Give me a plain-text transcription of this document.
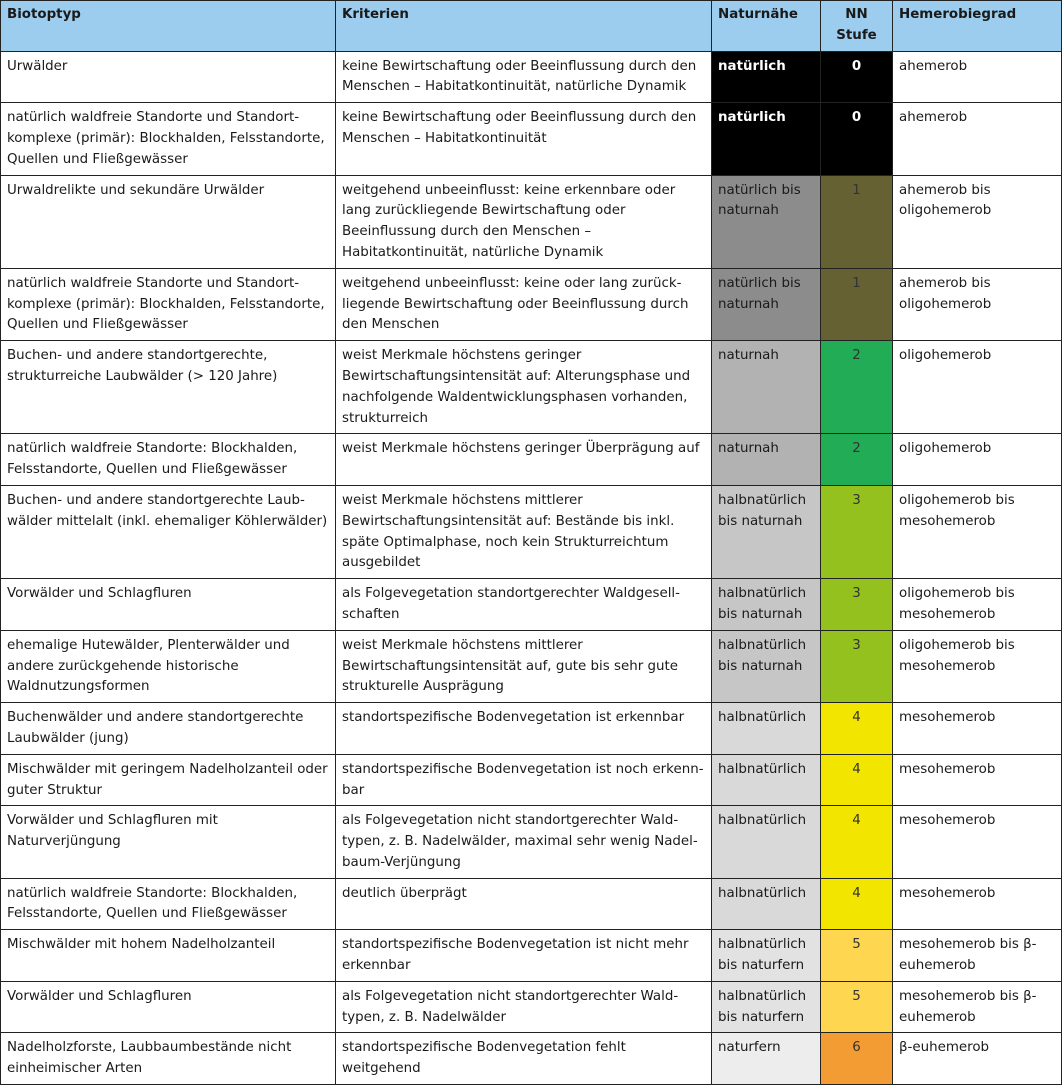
Biotoptyp	Kriterien	Naturnähe	NN Stufe	Hemerobiegrad
Urwälder	keine Bewirtschaftung oder Beeinflussung durch den Menschen – Habitatkontinuität, natürliche Dynamik	natürlich	0	ahemerob
natürlich waldfreie Standorte und Standortkomplexe (primär): Blockhalden, Felsstandorte, Quellen und Fließgewässer	keine Bewirtschaftung oder Beeinflussung durch den Menschen – Habitatkontinuität	natürlich	0	ahemerob
Urwaldrelikte und sekundäre Urwälder	weitgehend unbeeinflusst: keine erkennbare oder lang zurückliegende Bewirtschaftung oder Beeinflussung durch den Menschen – Habitatkontinuität, natürliche Dynamik	natürlich bis naturnah	1	ahemerob bis oligohemerob
natürlich waldfreie Standorte und Standortkomplexe (primär): Blockhalden, Felsstandorte, Quellen und Fließgewässer	weitgehend unbeeinflusst: keine oder lang zurückliegende Bewirtschaftung oder Beeinflussung durch den Menschen	natürlich bis naturnah	1	ahemerob bis oligohemerob
Buchen- und andere standortgerechte, strukturreiche Laubwälder (> 120 Jahre)	weist Merkmale höchstens geringer Bewirtschaftungsintensität auf: Alterungsphase und nachfolgende Waldentwicklungsphasen vorhanden, strukturreich	naturnah	2	oligohemerob
natürlich waldfreie Standorte: Blockhalden, Felsstandorte, Quellen und Fließgewässer	weist Merkmale höchstens geringer Überprägung auf	naturnah	2	oligohemerob
Buchen- und andere standortgerechte Laubwälder mittelalt (inkl. ehemaliger Köhlerwälder)	weist Merkmale höchstens mittlerer Bewirtschaftungsintensität auf: Bestände bis inkl. späte Optimalphase, noch kein Strukturreichtum ausgebildet	halbnatürlich bis naturnah	3	oligohemerob bis mesohemerob
Vorwälder und Schlagfluren	als Folgevegetation standortgerechter Waldgesellschaften	halbnatürlich bis naturnah	3	oligohemerob bis mesohemerob
ehemalige Hutewälder, Plenterwälder und andere zurückgehende historische Waldnutzungsformen	weist Merkmale höchstens mittlerer Bewirtschaftungsintensität auf, gute bis sehr gute strukturelle Ausprägung	halbnatürlich bis naturnah	3	oligohemerob bis mesohemerob
Buchenwälder und andere standortgerechte Laubwälder (jung)	standortspezifische Bodenvegetation ist erkennbar	halbnatürlich	4	mesohemerob
Mischwälder mit geringem Nadelholzanteil oder guter Struktur	standortspezifische Bodenvegetation ist noch erkennbar	halbnatürlich	4	mesohemerob
Vorwälder und Schlagfluren mit Naturverjüngung	als Folgevegetation nicht standortgerechter Waldtypen, z. B. Nadelwälder, maximal sehr wenig Nadelbaum-Verjüngung	halbnatürlich	4	mesohemerob
natürlich waldfreie Standorte: Blockhalden, Felsstandorte, Quellen und Fließgewässer	deutlich überprägt	halbnatürlich	4	mesohemerob
Mischwälder mit hohem Nadelholzanteil	standortspezifische Bodenvegetation ist nicht mehr erkennbar	halbnatürlich bis naturfern	5	mesohemerob bis β-euhemerob
Vorwälder und Schlagfluren	als Folgevegetation nicht standortgerechter Waldtypen, z. B. Nadelwälder	halbnatürlich bis naturfern	5	mesohemerob bis β-euhemerob
Nadelholzforste, Laubbaumbestände nicht einheimischer Arten	standortspezifische Bodenvegetation fehlt weitgehend	naturfern	6	β-euhemerob
